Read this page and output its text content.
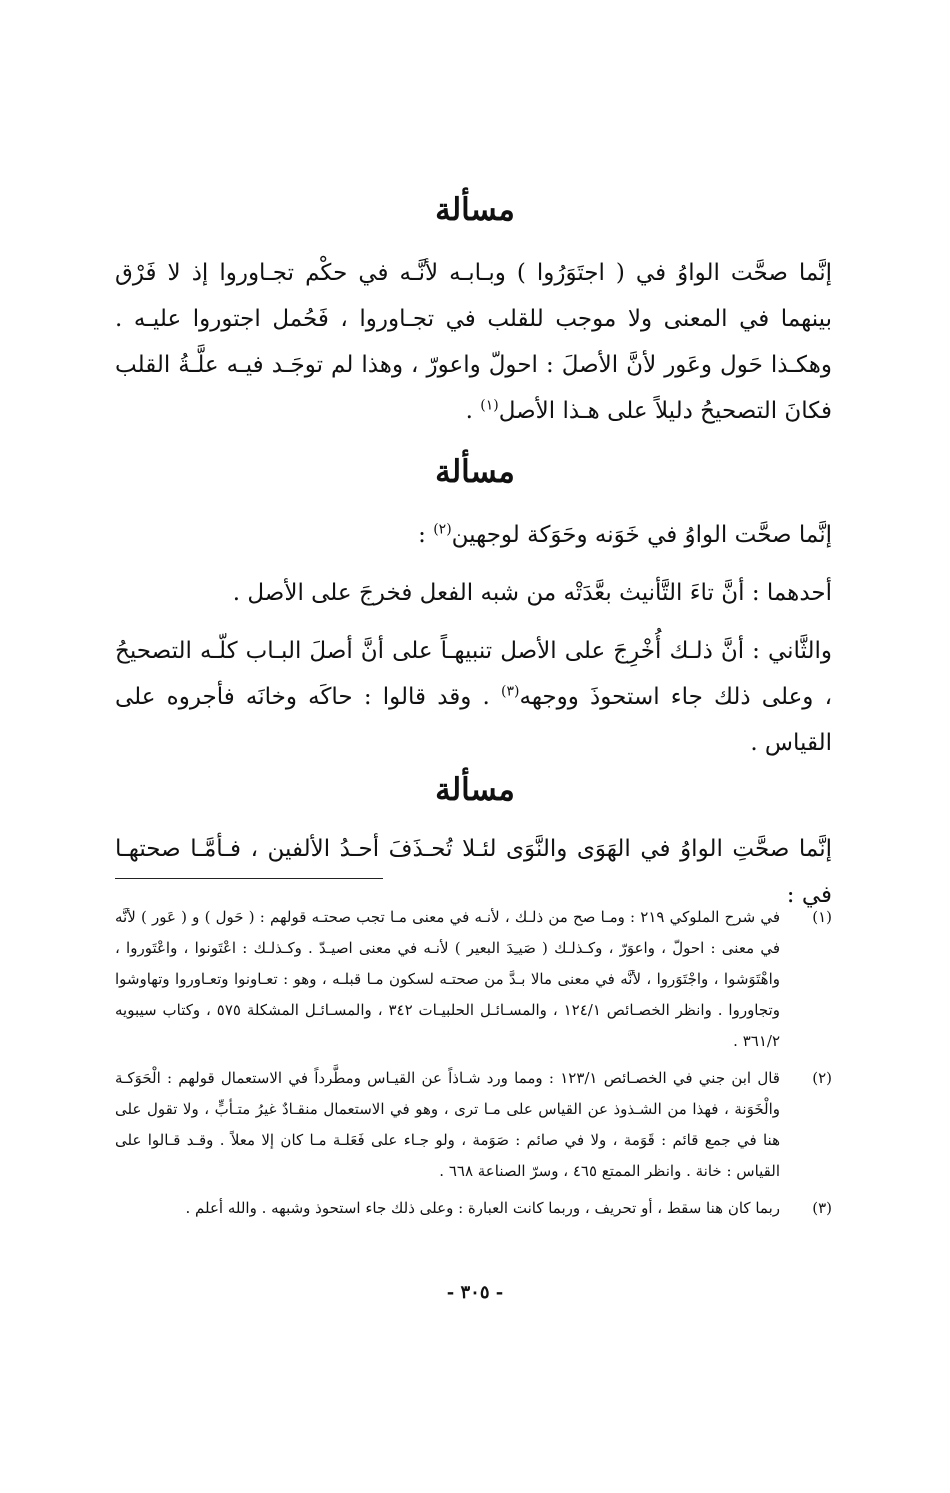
مسألة

إنَّما صحَّت الواوُ في ( اجتَوَرُوا ) وبـابـه لأنَّـه في حكْم تجـاوروا إذ لا فَرْق بينهما في المعنى ولا موجب للقلب في تجـاوروا ، فَحُمل اجتوروا عليـه . وهكـذا حَول وعَور لأنَّ الأصلَ : احولّ واعورّ ، وهذا لم توجَـد فيـه علَّـةُ القلب فكانَ التصحيحُ دليلاً على هـذا الأصل$^{(١)}$ .

مسألة

إنَّما صحَّت الواوُ في خَوَنه وحَوَكة لوجهين$^{(٢)}$ :

أحدهما : أنَّ تاءَ التَّأنيث بعَّدَتْه من شبه الفعل فخرجَ على الأصل .

والثَّاني : أنَّ ذلـك أُخْرِجَ على الأصل تنبيهـاً على أنَّ أصلَ البـاب كلّـه التصحيحُ ، وعلى ذلك جاء استحوذَ ووجهه$^{(٣)}$ . وقد قالوا : حاكَه وخانَه فأجروه على القياس .

مسألة

إنَّما صحَّتِ الواوُ في الهَوَى والنَّوَى لئـلا تُحـذَفَ أحـدُ الألفين ، فـأمَّـا صحتهـا في :

(١)
في شرح الملوكي ٢١٩ : ومـا صح من ذلـك ، لأنـه في معنى مـا تجب صحتـه قولهم : ( حَول ) و ( عَور ) لأنَّه في معنى : احولّ ، واعوَرّ ، وكـذلـك ( صَيـِدَ البعير ) لأنـه في معنى اصيـدّ . وكـذلـك : اعْتَونوا ، واعْتَوروا ، واهْتَوَشوا ، واجْتَوَروا ، لأنَّه في معنى مالا بـدَّ من صحتـه لسكون مـا قبلـه ، وهو : تعـاونوا وتعـاوروا وتهاوشوا وتجاوروا . وانظر الخصـائص ١٢٤/١ ، والمسـائـل الحلبيـات ٣٤٢ ، والمسـائـل المشكلة ٥٧٥ ، وكتاب سيبويه ٣٦١/٢ .
(٢)
قال ابن جني في الخصـائص ١٢٣/١ : ومما ورد شـاذاً عن القيـاس ومطَّرداً في الاستعمال قولهم : الْحَوَكـة والْخَوَنة ، فهذا من الشـذوذ عن القياس على مـا ترى ، وهو في الاستعمال منقـادٌ غيرُ متـأبٍّ ، ولا تقول على هنا في جمع قائم : قَوَمة ، ولا في صائم : صَوَمة ، ولو جـاء على فَعَلـة مـا كان إلا معلاً . وقـد قـالوا على القياس : خانة . وانظر الممتع ٤٦٥ ، وسرّ الصناعة ٦٦٨ .
(٣)
ربما كان هنا سقط ، أو تحريف ، وربما كانت العبارة : وعلى ذلك جاء استحوذ وشبهه . والله أعلم .
- ٣٠٥ -
